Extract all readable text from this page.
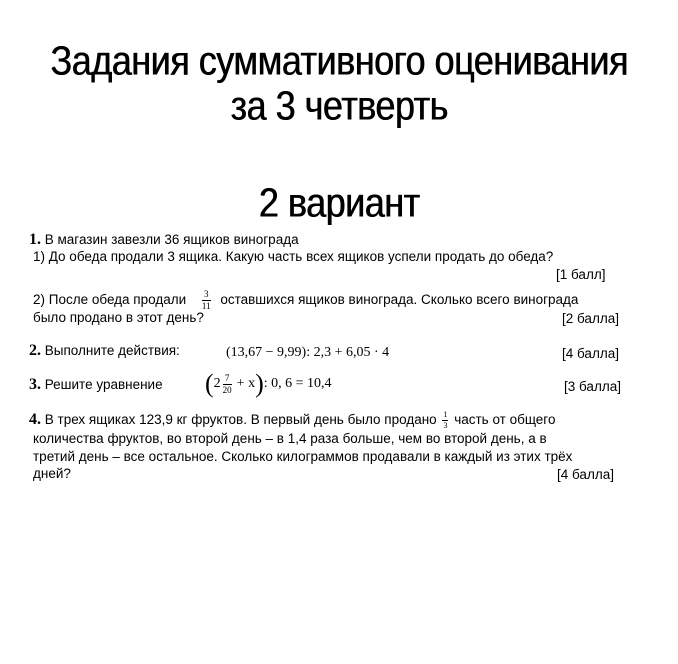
Задания суммативного оценивания
за 3 четверть
2 вариант
1. В магазин завезли 36 ящиков винограда
1) До обеда продали 3 ящика. Какую часть всех ящиков успели продать до обеда?
[1 балл]
2) После обеда продали $\frac{3}{11}$ оставшихся ящиков винограда. Сколько всего винограда
было продано в этот день?	[2 балла]
2. Выполните действия:	(13,67 − 9,99): 2,3 + 6,05 · 4	[4 балла]
3. Решите уравнение $(2 \frac{7}{20} + x)$: 0, 6 = 10,4	[3 балла]
4. В трех ящиках 123,9 кг фруктов. В первый день было продано $\frac{1}{3}$ часть от общего
количества фруктов, во второй день – в 1,4 раза больше, чем во второй день, а в
третий день – все остальное. Сколько килограммов продавали в каждый из этих трёх
дней?	[4 балла]
